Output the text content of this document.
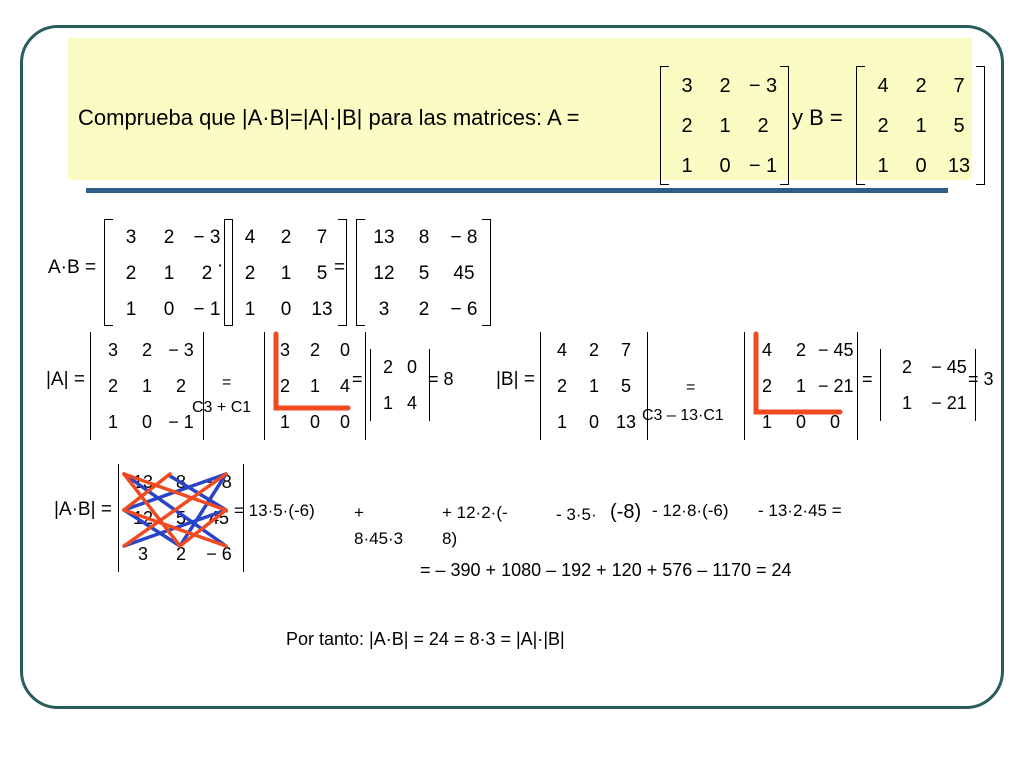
Comprueba que |A·B|=|A|·|B| para las matrices: A =
3	2 − 3
2	1	2
1	0 − 1
y B =
4	2	7
2	1	5
1	0	13
A·B =
3	2	− 3
2	1	2
1	0	− 1
·
4	2	7
2	1	5
1	0	13
=
13	8	− 8
12	5	45
3	2	− 6
|A| =
3	2 − 3
2	1	2
1	0 − 1
=
C3 + C1
3	2	0
2	1	4
1	0	0
=
2 0
1 4
= 8 |B| =
4	2	7
2	1	5
1	0 13
=
C3 – 13·C1
4	2 − 45
2	1 − 21
1	0	0
=
2	− 45
1	− 21
= 3
|A·B| =
13	8	− 8
12	5	45
3	2	− 6
= 13·5·(-6) +
8·45·3
+ 12·2·(-
8)
- 3·5· (-8) - 12·8·(-6) - 13·2·45 =
= – 390 + 1080 – 192 + 120 + 576 – 1170 = 24
Por tanto: |A·B| = 24 = 8·3 = |A|·|B|
